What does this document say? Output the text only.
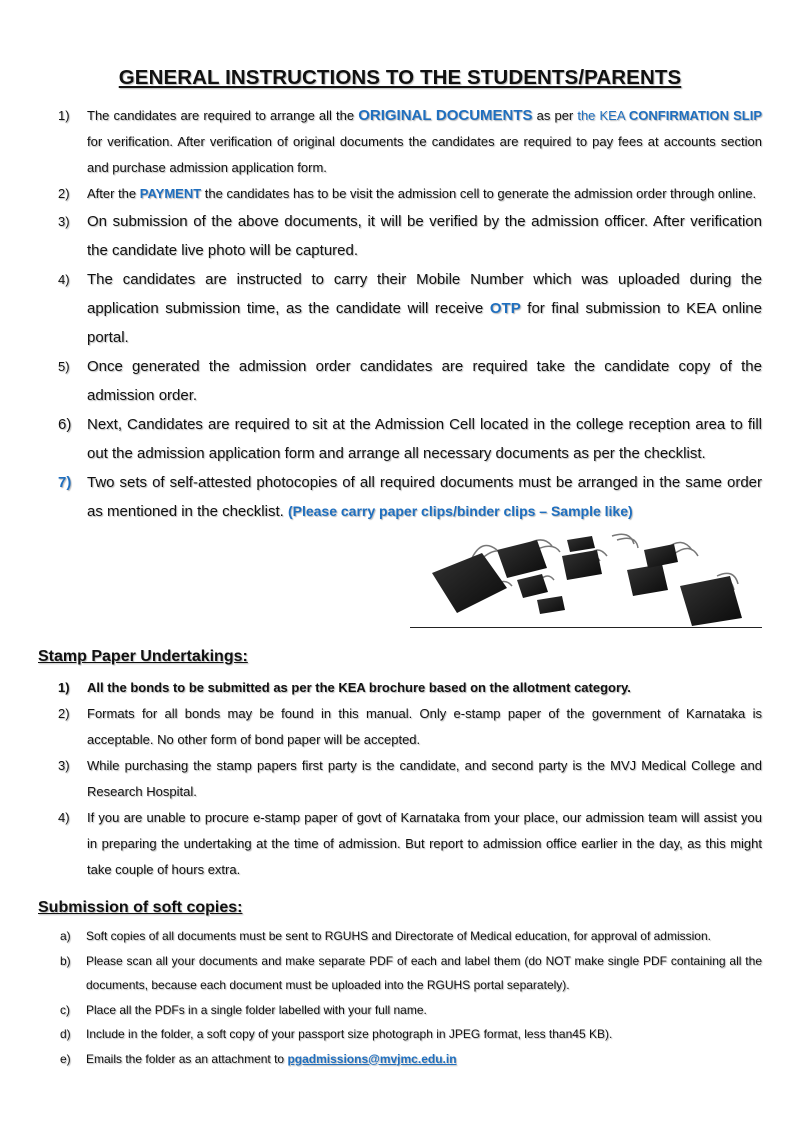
GENERAL INSTRUCTIONS TO THE STUDENTS/PARENTS
1)	The candidates are required to arrange all the ORIGINAL DOCUMENTS as per the KEA CONFIRMATION SLIP for verification. After verification of original documents the candidates are required to pay fees at accounts section and purchase admission application form.
2)	After the PAYMENT the candidates has to be visit the admission cell to generate the admission order through online.
3)	On submission of the above documents, it will be verified by the admission officer. After verification the candidate live photo will be captured.
4)	The candidates are instructed to carry their Mobile Number which was uploaded during the application submission time, as the candidate will receive OTP for final submission to KEA online portal.
5)	Once generated the admission order candidates are required take the candidate copy of the admission order.
6)	Next, Candidates are required to sit at the Admission Cell located in the college reception area to fill out the admission application form and arrange all necessary documents as per the checklist.
7)	Two sets of self-attested photocopies of all required documents must be arranged in the same order as mentioned in the checklist. (Please carry paper clips/binder clips – Sample like)
Stamp Paper Undertakings:
1)	All the bonds to be submitted as per the KEA brochure based on the allotment category.
2)	Formats for all bonds may be found in this manual. Only e-stamp paper of the government of Karnataka is acceptable. No other form of bond paper will be accepted.
3)	While purchasing the stamp papers first party is the candidate, and second party is the MVJ Medical College and Research Hospital.
4)	If you are unable to procure e-stamp paper of govt of Karnataka from your place, our admission team will assist you in preparing the undertaking at the time of admission. But report to admission office earlier in the day, as this might take couple of hours extra.
Submission of soft copies:
a)	Soft copies of all documents must be sent to RGUHS and Directorate of Medical education, for approval of admission.
b)	Please scan all your documents and make separate PDF of each and label them (do NOT make single PDF containing all the documents, because each document must be uploaded into the RGUHS portal separately).
c)	Place all the PDFs in a single folder labelled with your full name.
d)	Include in the folder, a soft copy of your passport size photograph in JPEG format, less than45 KB).
e)	Emails the folder as an attachment to pgadmissions@mvjmc.edu.in
